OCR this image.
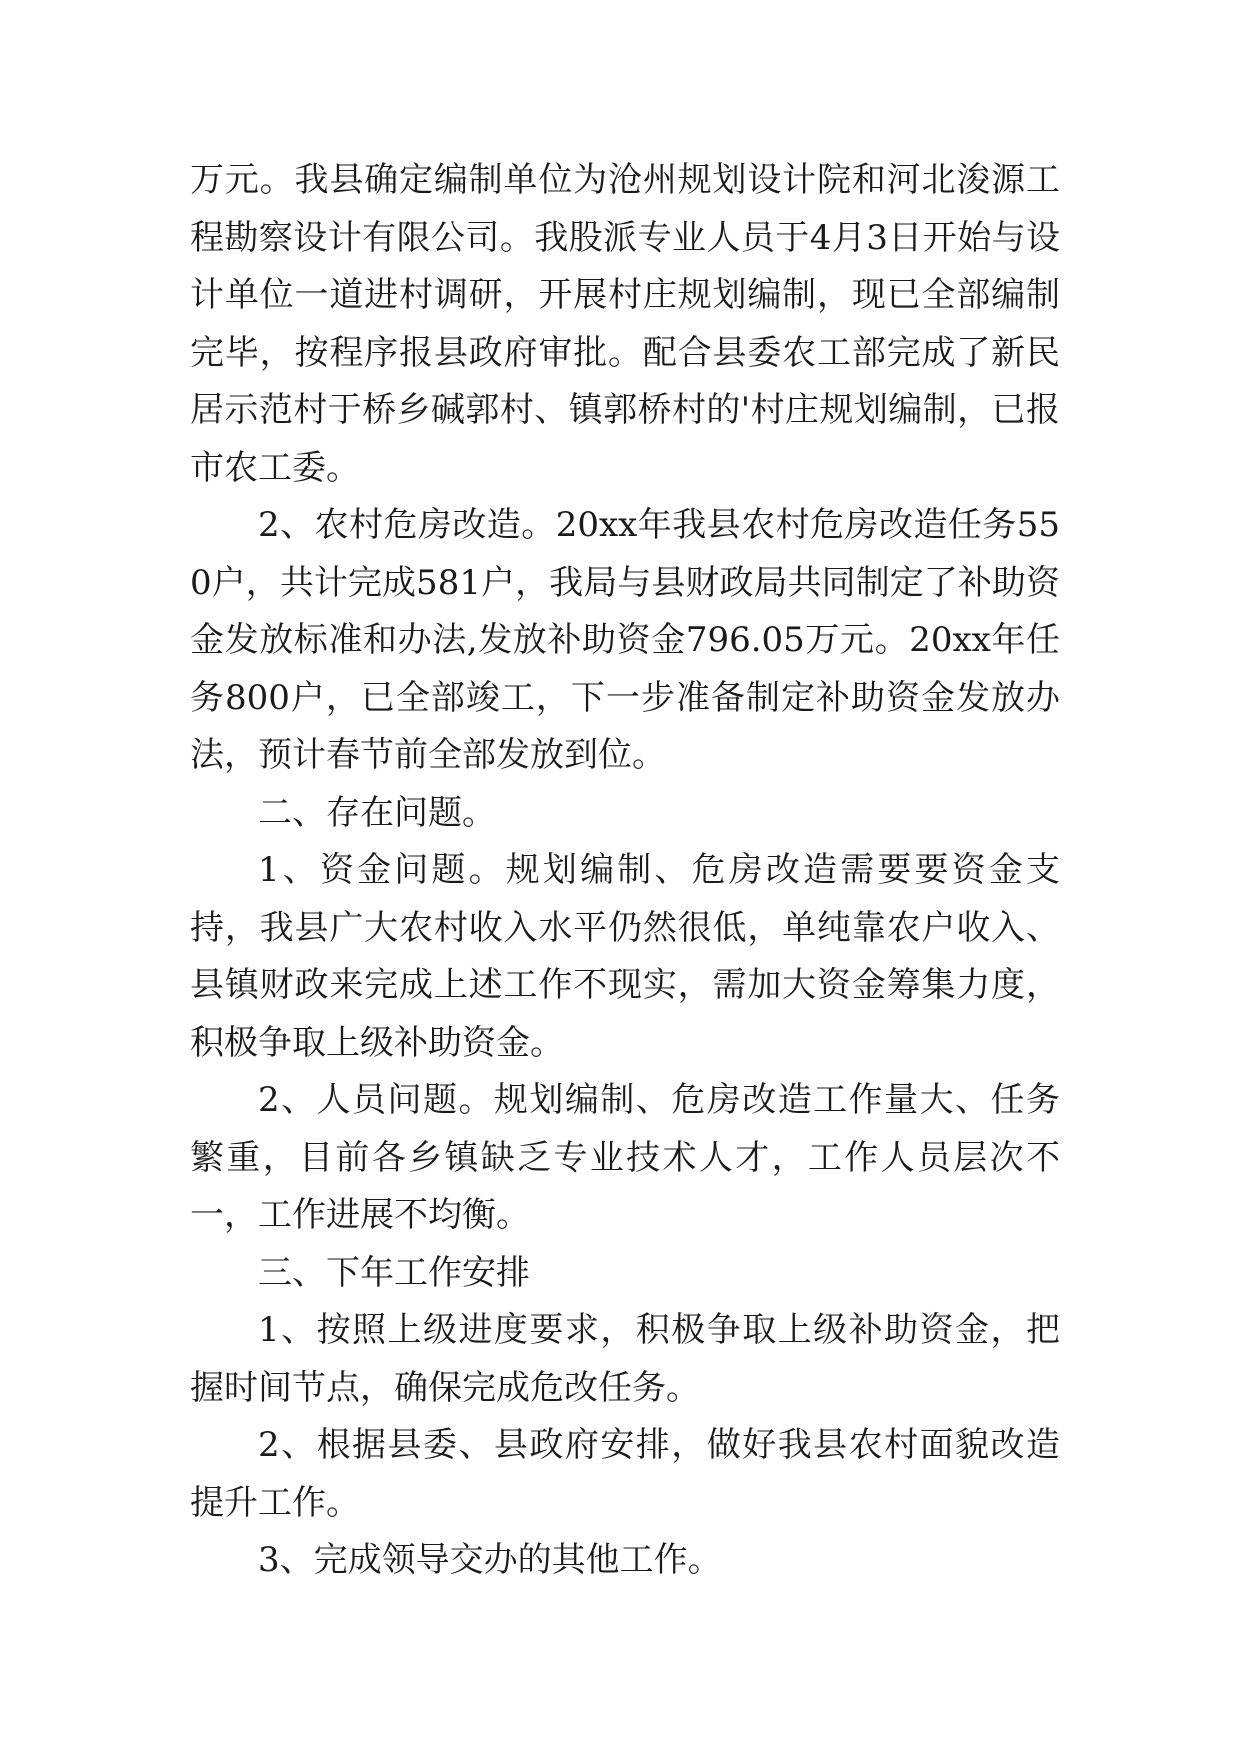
万元。我县确定编制单位为沧州规划设计院和河北浚源工程勘察设计有限公司。我股派专业人员于4月3日开始与设计单位一道进村调研，开展村庄规划编制，现已全部编制完毕，按程序报县政府审批。配合县委农工部完成了新民居示范村于桥乡碱郭村、镇郭桥村的'村庄规划编制，已报市农工委。

2、农村危房改造。20xx年我县农村危房改造任务550户，共计完成581户，我局与县财政局共同制定了补助资金发放标准和办法,发放补助资金796.05万元。20xx年任务800户，已全部竣工，下一步准备制定补助资金发放办法，预计春节前全部发放到位。

二、存在问题。

1、资金问题。规划编制、危房改造需要要资金支持，我县广大农村收入水平仍然很低，单纯靠农户收入、县镇财政来完成上述工作不现实，需加大资金筹集力度，积极争取上级补助资金。

2、人员问题。规划编制、危房改造工作量大、任务繁重，目前各乡镇缺乏专业技术人才，工作人员层次不一，工作进展不均衡。

三、下年工作安排

1、按照上级进度要求，积极争取上级补助资金，把握时间节点，确保完成危改任务。

2、根据县委、县政府安排，做好我县农村面貌改造提升工作。

3、完成领导交办的其他工作。
